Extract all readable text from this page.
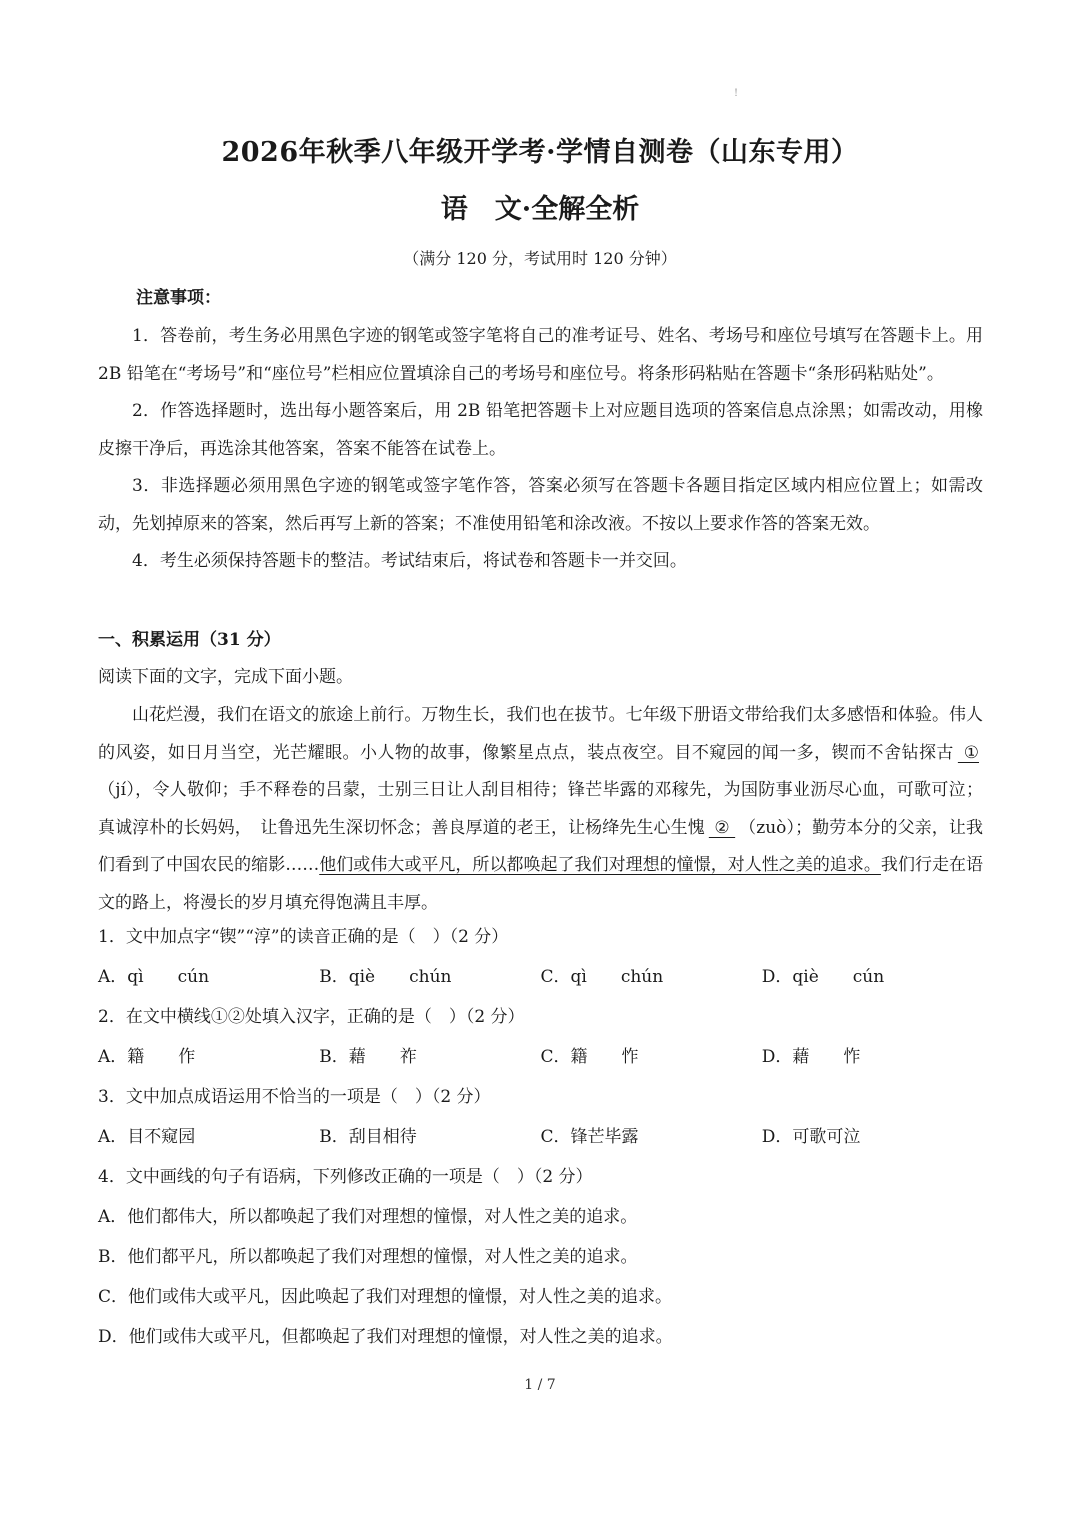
!
2026年秋季八年级开学考·学情自测卷（山东专用）
语　文·全解全析
（满分 120 分，考试用时 120 分钟）
注意事项：

1．答卷前，考生务必用黑色字迹的钢笔或签字笔将自己的准考证号、姓名、考场号和座位号填写在答题卡上。用 2B 铅笔在“考场号”和“座位号”栏相应位置填涂自己的考场号和座位号。将条形码粘贴在答题卡“条形码粘贴处”。

2．作答选择题时，选出每小题答案后，用 2B 铅笔把答题卡上对应题目选项的答案信息点涂黑；如需改动，用橡皮擦干净后，再选涂其他答案，答案不能答在试卷上。

3．非选择题必须用黑色字迹的钢笔或签字笔作答，答案必须写在答题卡各题目指定区域内相应位置上；如需改动，先划掉原来的答案，然后再写上新的答案；不准使用铅笔和涂改液。不按以上要求作答的答案无效。

4．考生必须保持答题卡的整洁。考试结束后，将试卷和答题卡一并交回。

一、积累运用（31 分）
阅读下面的文字，完成下面小题。

山花烂漫，我们在语文的旅途上前行。万物生长，我们也在拔节。七年级下册语文带给我们太多感悟和体验。伟人的风姿，如日月当空，光芒耀眼。小人物的故事，像繁星点点，装点夜空。目不窥园的闻一多，锲而不舍钻探古 ① （jí），令人敬仰；手不释卷的吕蒙，士别三日让人刮目相待；锋芒毕露的邓稼先，为国防事业沥尽心血，可歌可泣；真诚淳朴的长妈妈，　让鲁迅先生深切怀念；善良厚道的老王，让杨绛先生心生愧 ② （zuò）；勤劳本分的父亲，让我们看到了中国农民的缩影……他们或伟大或平凡，所以都唤起了我们对理想的憧憬，对人性之美的追求。我们行走在语文的路上，将漫长的岁月填充得饱满且丰厚。

1．文中加点字“锲”“淳”的读音正确的是（　）（2 分）
A．qì　　cún	B．qiè　　chún	C．qì　　chún	D．qiè　　cún
2．在文中横线①②处填入汉字，正确的是（　）（2 分）
A．籍　　作	B．藉　　祚	C．籍　　怍	D．藉　　怍
3．文中加点成语运用不恰当的一项是（　）（2 分）
A．目不窥园	B．刮目相待	C．锋芒毕露	D．可歌可泣
4．文中画线的句子有语病，下列修改正确的一项是（　）（2 分）
A．他们都伟大，所以都唤起了我们对理想的憧憬，对人性之美的追求。
B．他们都平凡，所以都唤起了我们对理想的憧憬，对人性之美的追求。
C．他们或伟大或平凡，因此唤起了我们对理想的憧憬，对人性之美的追求。
D．他们或伟大或平凡，但都唤起了我们对理想的憧憬，对人性之美的追求。
1 / 7
